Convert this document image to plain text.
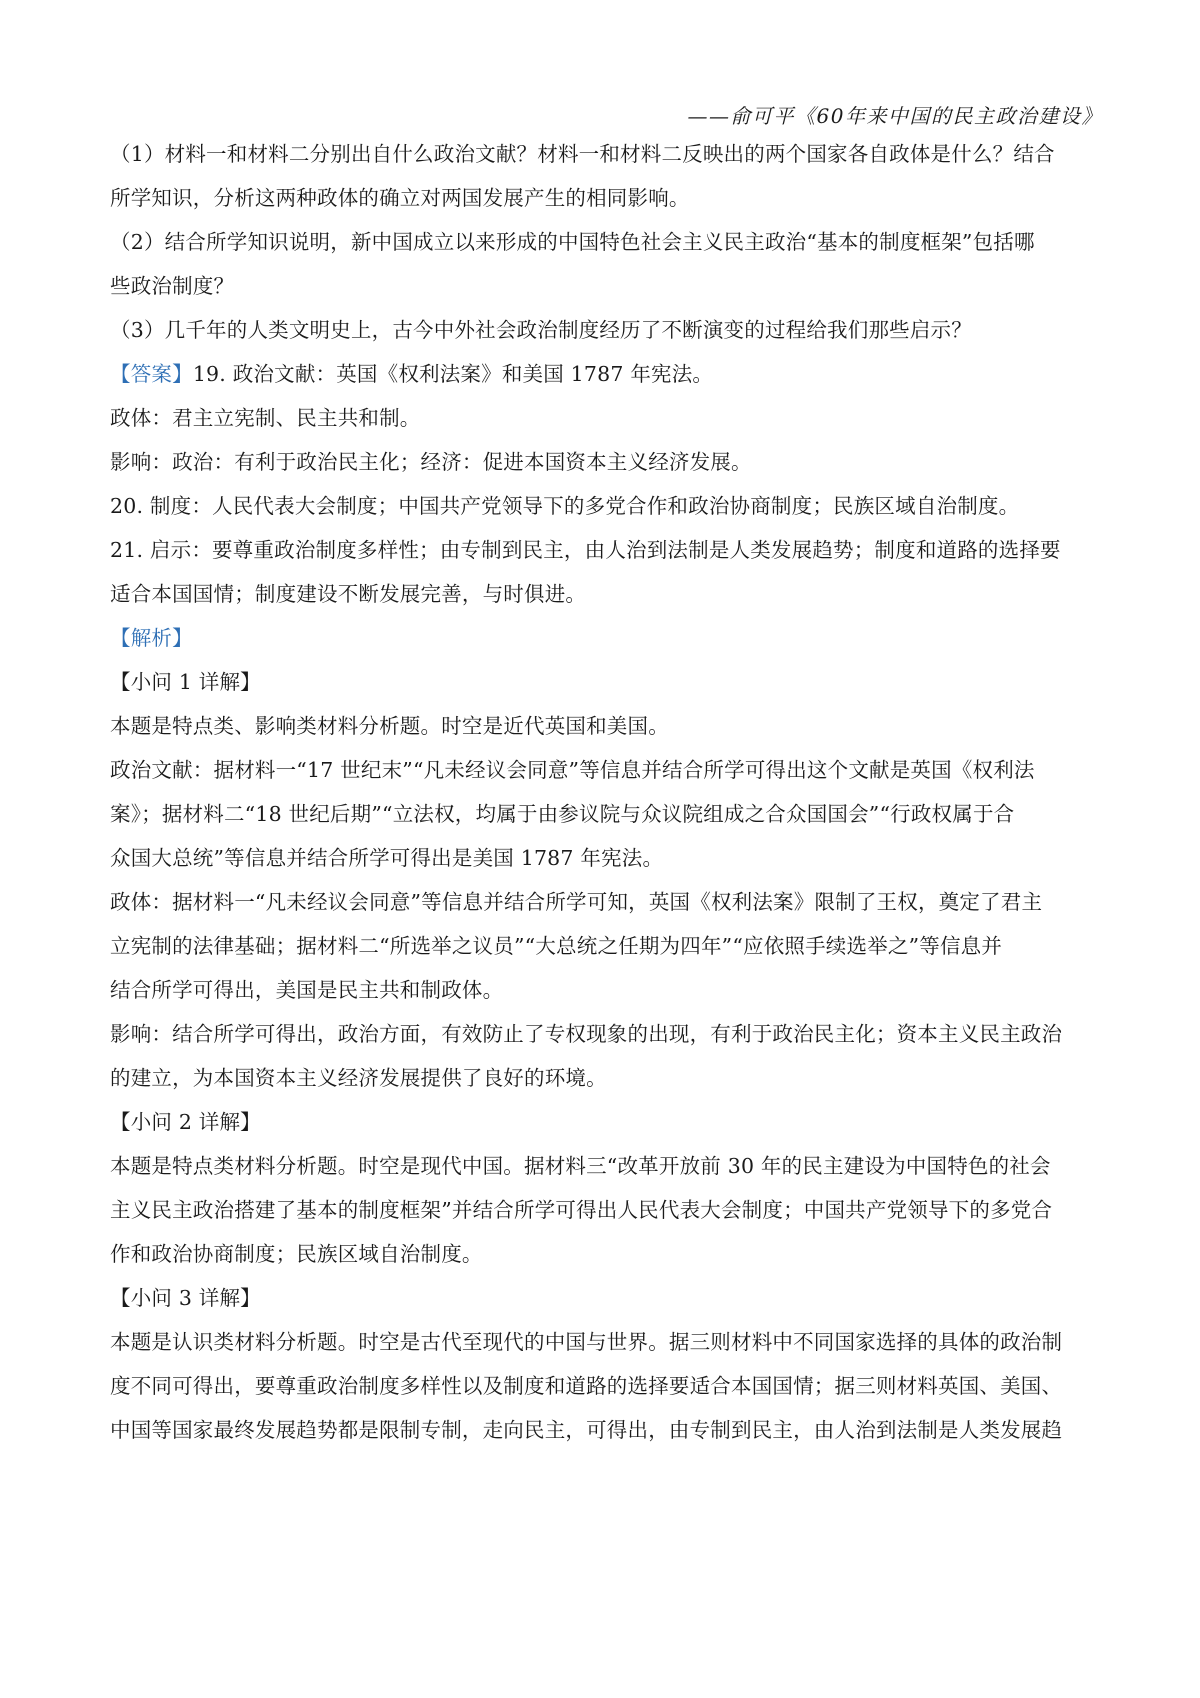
——俞可平《60年来中国的民主政治建设》
（1）材料一和材料二分别出自什么政治文献？材料一和材料二反映出的两个国家各自政体是什么？结合
所学知识，分析这两种政体的确立对两国发展产生的相同影响。
（2）结合所学知识说明，新中国成立以来形成的中国特色社会主义民主政治“基本的制度框架”包括哪
些政治制度？
（3）几千年的人类文明史上，古今中外社会政治制度经历了不断演变的过程给我们那些启示？
【答案】19. 政治文献：英国《权利法案》和美国 1787 年宪法。
政体：君主立宪制、民主共和制。
影响：政治：有利于政治民主化；经济：促进本国资本主义经济发展。
20. 制度：人民代表大会制度；中国共产党领导下的多党合作和政治协商制度；民族区域自治制度。
21. 启示：要尊重政治制度多样性；由专制到民主，由人治到法制是人类发展趋势；制度和道路的选择要
适合本国国情；制度建设不断发展完善，与时俱进。
【解析】
【小问 1 详解】
本题是特点类、影响类材料分析题。时空是近代英国和美国。
政治文献：据材料一“17 世纪末”“凡未经议会同意”等信息并结合所学可得出这个文献是英国《权利法
案》；据材料二“18 世纪后期”“立法权，均属于由参议院与众议院组成之合众国国会”“行政权属于合
众国大总统”等信息并结合所学可得出是美国 1787 年宪法。
政体：据材料一“凡未经议会同意”等信息并结合所学可知，英国《权利法案》限制了王权，奠定了君主
立宪制的法律基础；据材料二“所选举之议员”“大总统之任期为四年”“应依照手续选举之”等信息并
结合所学可得出，美国是民主共和制政体。
影响：结合所学可得出，政治方面，有效防止了专权现象的出现，有利于政治民主化；资本主义民主政治
的建立，为本国资本主义经济发展提供了良好的环境。
【小问 2 详解】
本题是特点类材料分析题。时空是现代中国。据材料三“改革开放前 30 年的民主建设为中国特色的社会
主义民主政治搭建了基本的制度框架”并结合所学可得出人民代表大会制度；中国共产党领导下的多党合
作和政治协商制度；民族区域自治制度。
【小问 3 详解】
本题是认识类材料分析题。时空是古代至现代的中国与世界。据三则材料中不同国家选择的具体的政治制
度不同可得出，要尊重政治制度多样性以及制度和道路的选择要适合本国国情；据三则材料英国、美国、
中国等国家最终发展趋势都是限制专制，走向民主，可得出，由专制到民主，由人治到法制是人类发展趋
